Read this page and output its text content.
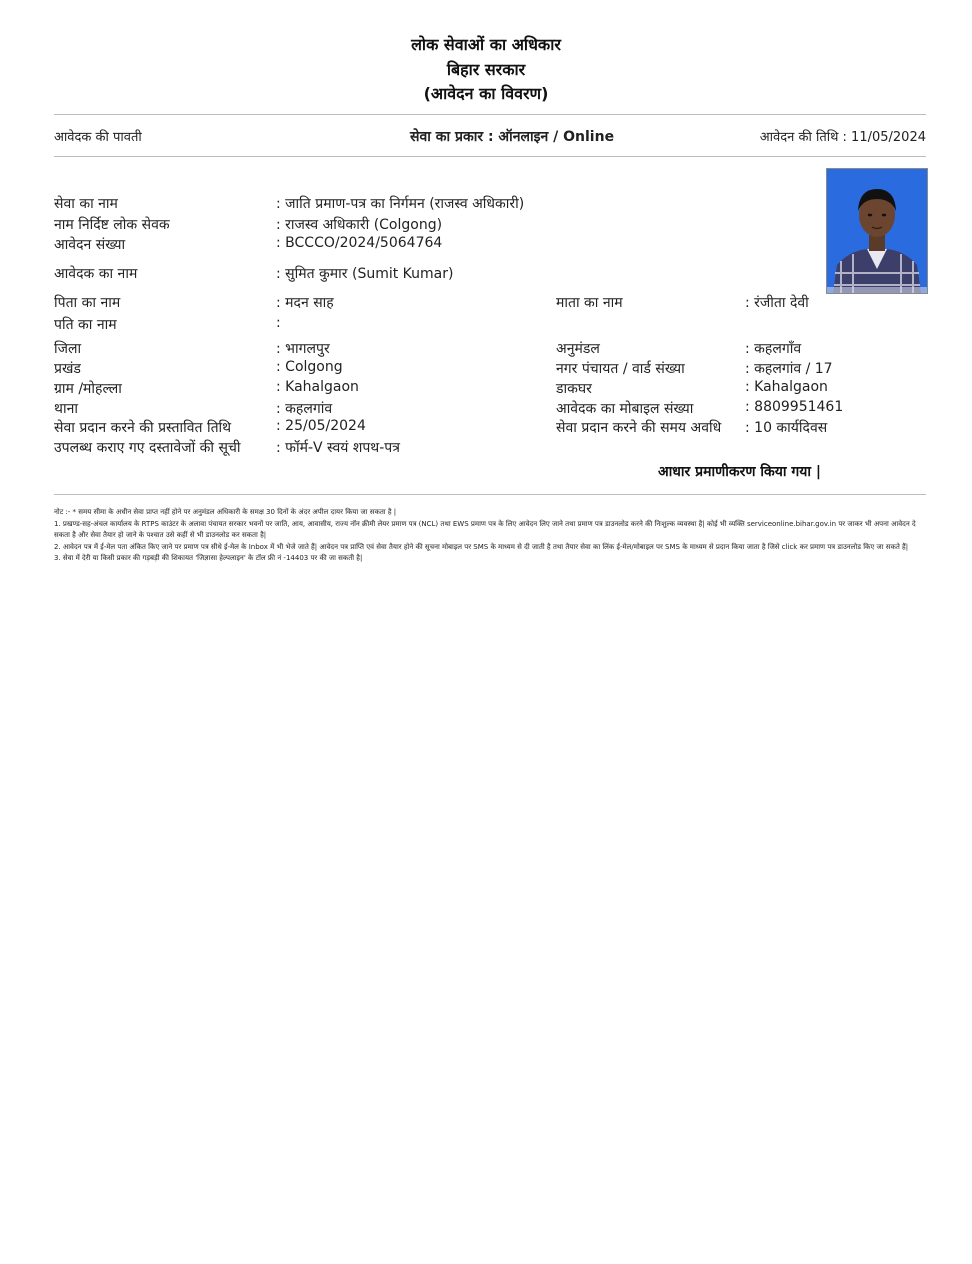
लोक सेवाओं का अधिकार
बिहार सरकार
(आवेदन का विवरण)
आवेदक की पावती	सेवा का प्रकार : ऑनलाइन / Online	आवेदन की तिथि : 11/05/2024
सेवा का नाम	: जाति प्रमाण-पत्र का निर्गमन (राजस्व अधिकारी)
नाम निर्दिष्ट लोक सेवक	: राजस्व अधिकारी (Colgong)
आवेदन संख्या	: BCCCO/2024/5064764
आवेदक का नाम	: सुमित कुमार (Sumit Kumar)
पिता का नाम	: मदन साह	माता का नाम	: रंजीता देवी
पति का नाम	:
जिला	: भागलपुर	अनुमंडल	: कहलगाँव
प्रखंड	: Colgong	नगर पंचायत / वार्ड संख्या	: कहलगांव / 17
ग्राम /मोहल्ला	: Kahalgaon	डाकघर	: Kahalgaon
थाना	: कहलगांव	आवेदक का मोबाइल संख्या	: 8809951461
सेवा प्रदान करने की प्रस्तावित तिथि	: 25/05/2024	सेवा प्रदान करने की समय अवधि : 10 कार्यदिवस
उपलब्ध कराए गए दस्तावेजों की सूची	: फॉर्म-V स्वयं शपथ-पत्र
आधार प्रमाणीकरण किया गया |
नोट :- * समय सीमा के अधीन सेवा प्राप्त नहीं होने पर अनुमंडल अधिकारी के समक्ष 30 दिनों के अंदर अपील दायर किया जा सकता है |
1. प्रखण्ड-सह-अंचल कार्यालय के RTPS काउंटर के अलावा पंचायत सरकार भवनों पर जाति, आय, आवासीय, राज्य नॉन क्रीमी लेयर प्रमाण पत्र (NCL) तथा EWS प्रमाण पत्र के लिए आवेदन लिए जाने तथा प्रमाण पत्र डाउनलोड करने की निःशुल्क व्यवस्था है| कोई भी व्यक्ति serviceonline.bihar.gov.in पर जाकर भी अपना आवेदन दे सकता है और सेवा तैयार हो जाने के पश्चात उसे कहीं से भी डाउनलोड कर सकता है|
2. आवेदन पत्र में ई-मेल पता अंकित किए जाने पर प्रमाण पत्र सीधे ई-मेल के Inbox में भी भेजे जाते हैं| आवेदन पत्र प्राप्ति एवं सेवा तैयार होने की सूचना मोबाइल पर SMS के माध्यम से दी जाती है तथा तैयार सेवा का लिंक ई-मेल/मोबाइल पर SMS के माध्यम से प्रदान किया जाता है जिसे click कर प्रमाण पत्र डाउनलोड किए जा सकते हैं|
3. सेवा में देरी या किसी प्रकार की गड़बड़ी की शिकायत 'जिज्ञासा हेल्पलाइन' के टॉल फ्री नं -14403 पर की जा सकती है|
